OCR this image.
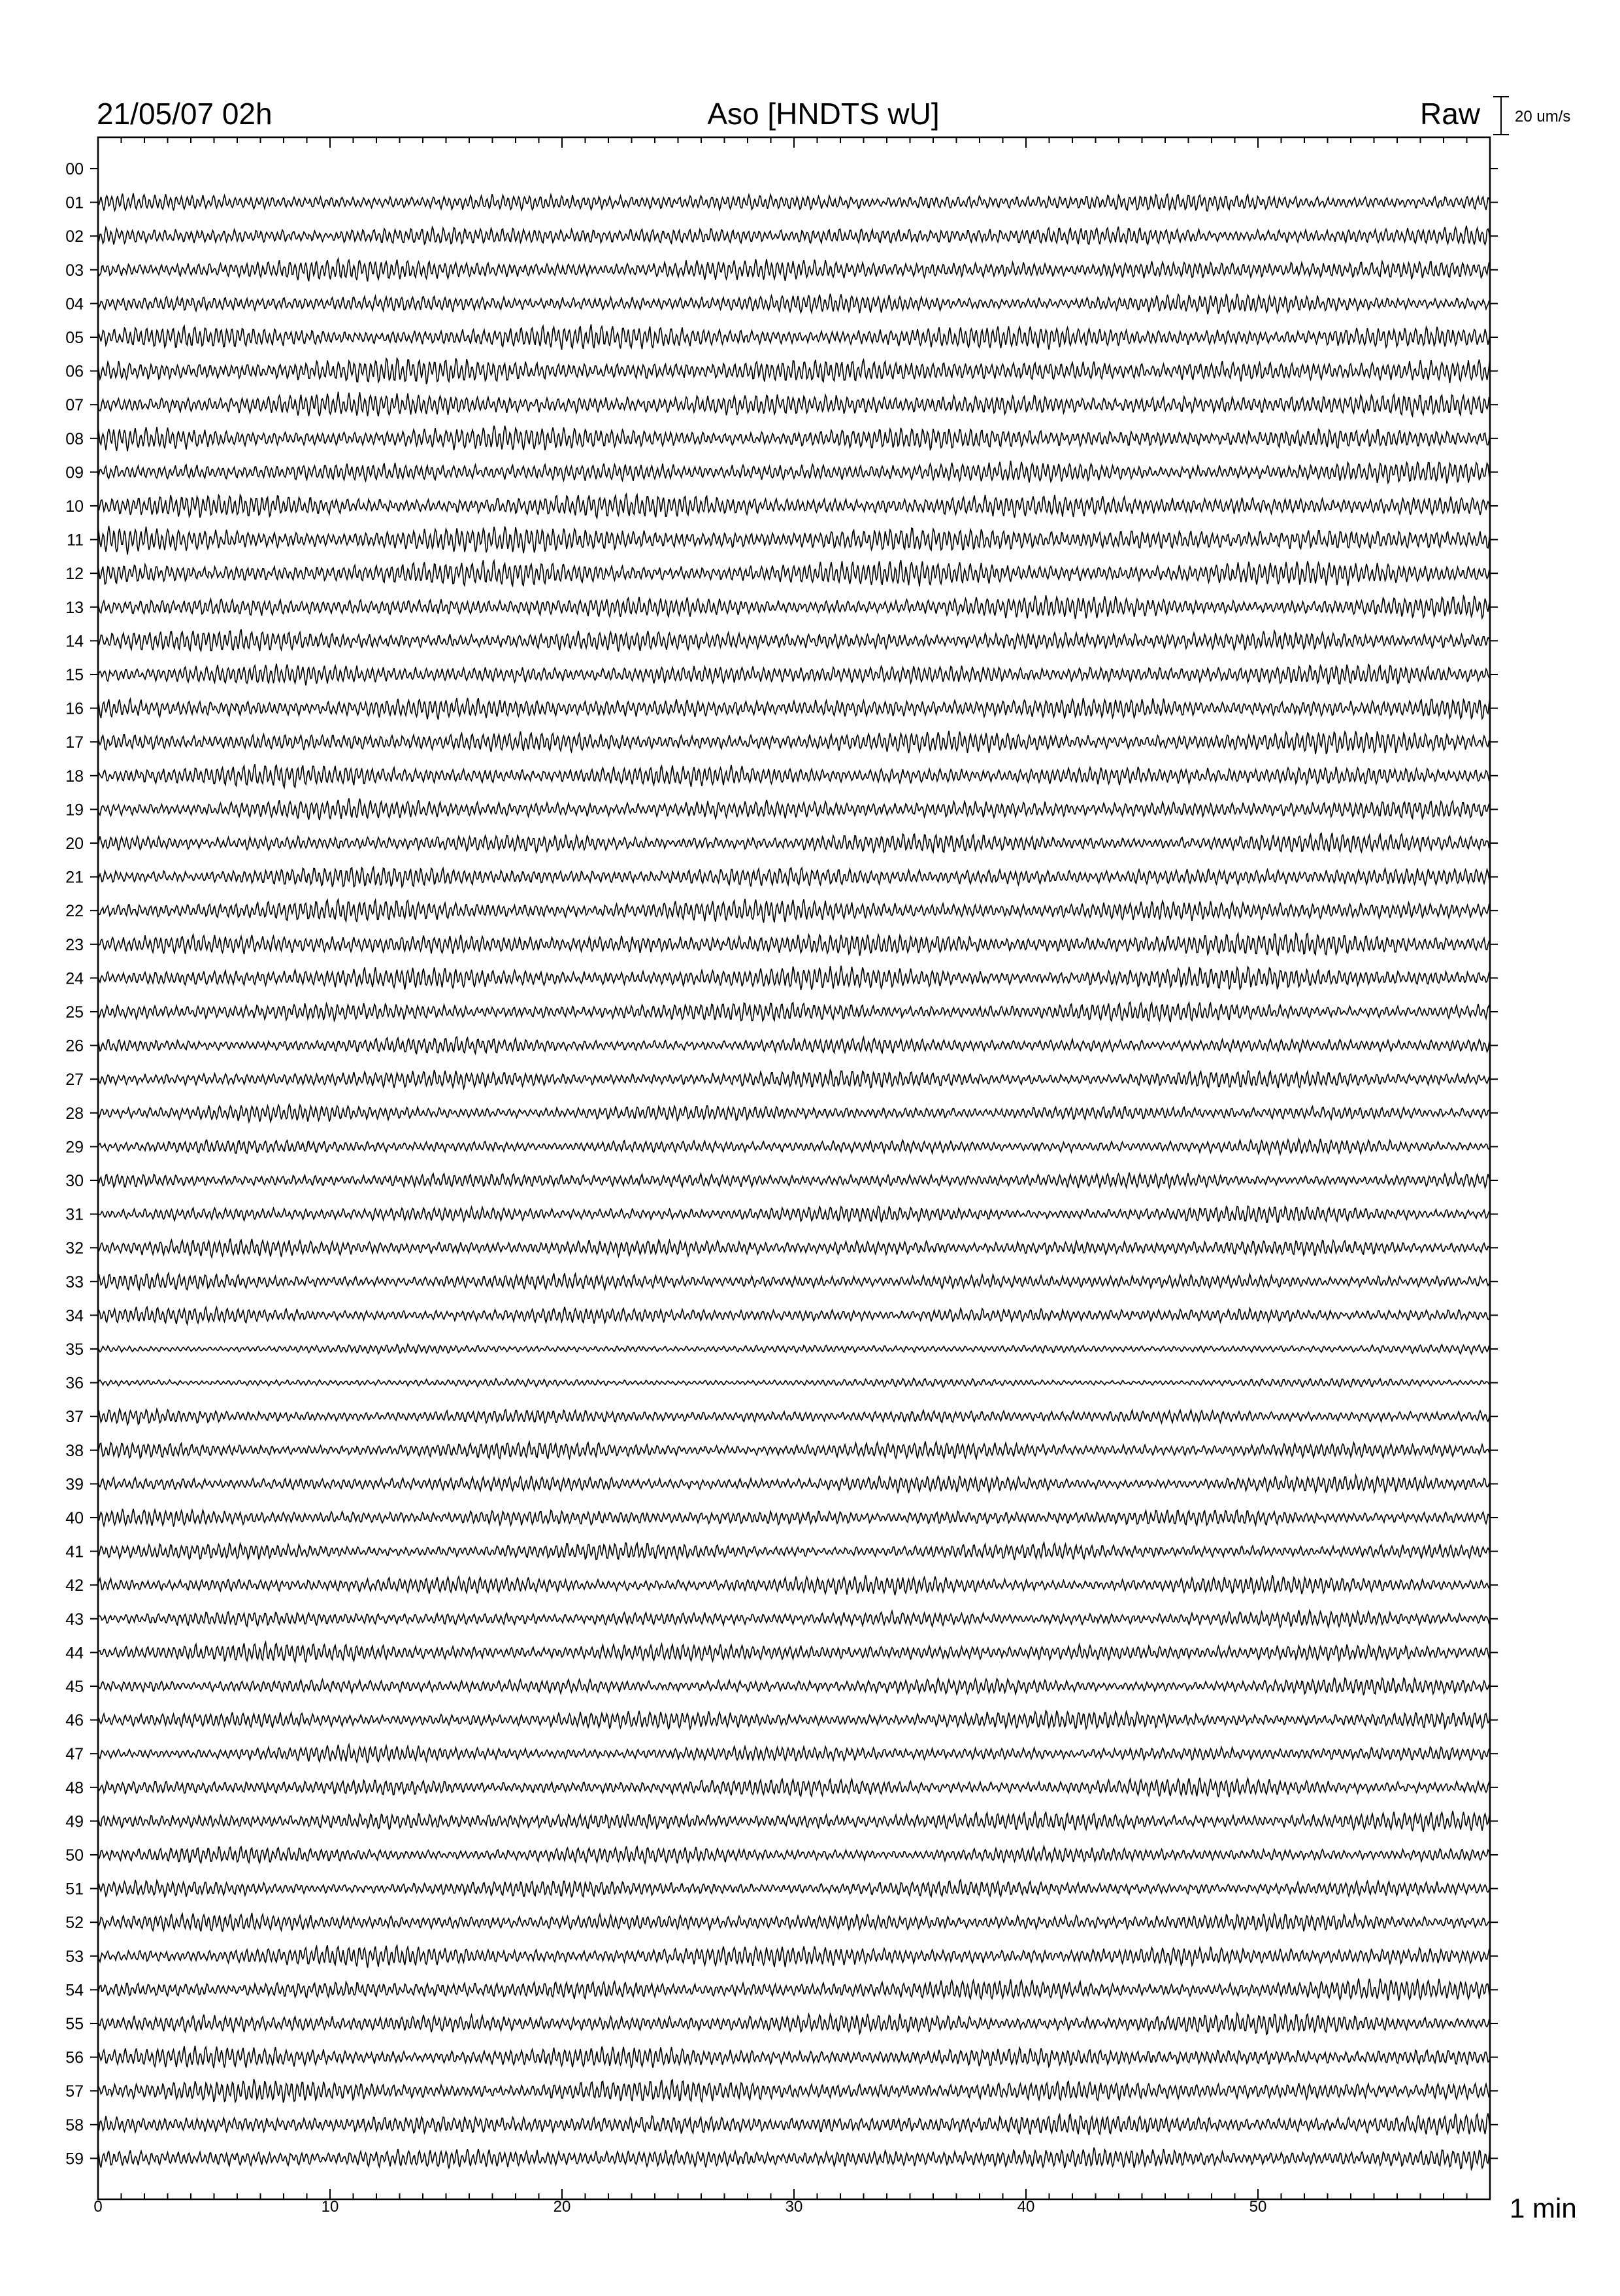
21/05/07 02h	Aso [HNDTS wU]	Raw 20 um/s
00
01
02
03
04
05
06
07
08
09
10
11
12
13
14
15
16
17
18
19
20
21
22
23
24
25
26
27
28
29
30
31
32
33
34
35
36
37
38
39
40
41
42
43
44
45
46
47
48
49
50
51
52
53
54
55
56
57
58
59
0	10	20	30	40	50	1 min
